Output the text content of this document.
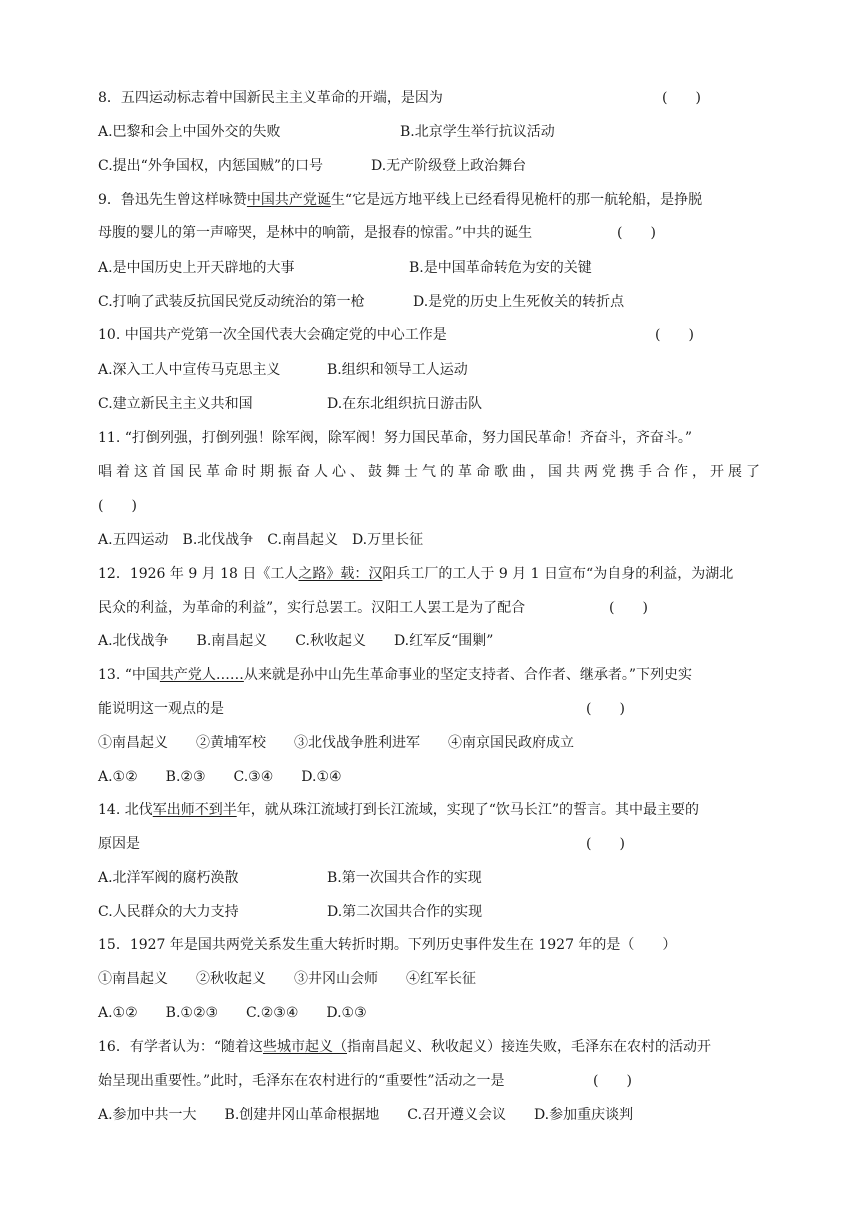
8．五四运动标志着中国新民主主义革命的开端，是因为	(　　)
A.巴黎和会上中国外交的失败	B.北京学生举行抗议活动
C.提出“外争国权，内惩国贼”的口号	D.无产阶级登上政治舞台
9．鲁迅先生曾这样咏赞中国共产党诞生“它是远方地平线上已经看得见桅杆的那一航轮船，是挣脱
母腹的婴儿的第一声啼哭，是林中的响箭，是报春的惊雷。”中共的诞生	(　　)
A.是中国历史上开天辟地的大事	B.是中国革命转危为安的关键
C.打响了武装反抗国民党反动统治的第一枪	D.是党的历史上生死攸关的转折点
10. 中国共产党第一次全国代表大会确定党的中心工作是	(　　)
A.深入工人中宣传马克思主义	B.组织和领导工人运动
C.建立新民主主义共和国	D.在东北组织抗日游击队
11. “打倒列强，打倒列强！除军阀，除军阀！努力国民革命，努力国民革命！齐奋斗，齐奋斗。”
唱 着 这 首 国 民 革 命 时 期 振 奋 人 心 、 鼓 舞 士 气 的 革 命 歌 曲 ， 国 共 两 党 携 手 合 作 ， 开 展 了
(　　)
A.五四运动　B.北伐战争　C.南昌起义　D.万里长征
12．1926 年 9 月 18 日《工人之路》载：汉阳兵工厂的工人于 9 月 1 日宣布“为自身的利益，为湖北
民众的利益，为革命的利益”，实行总罢工。汉阳工人罢工是为了配合	(　　)
A.北伐战争　　B.南昌起义　　C.秋收起义　　D.红军反“围剿”
13. “中国共产党人……从来就是孙中山先生革命事业的坚定支持者、合作者、继承者。”下列史实
能说明这一观点的是	(　　)
①南昌起义　　②黄埔军校　　③北伐战争胜利进军　　④南京国民政府成立
A.①②　　B.②③　　C.③④　　D.①④
14. 北伐军出师不到半年，就从珠江流域打到长江流域，实现了“饮马长江”的誓言。其中最主要的
原因是	(　　)
A.北洋军阀的腐朽涣散	B.第一次国共合作的实现
C.人民群众的大力支持	D.第二次国共合作的实现
15．1927 年是国共两党关系发生重大转折时期。下列历史事件发生在 1927 年的是（　　）
①南昌起义　　②秋收起义　　③井冈山会师　　④红军长征
A.①②　　B.①②③　　C.②③④　　D.①③
16．有学者认为：“随着这些城市起义（指南昌起义、秋收起义）接连失败，毛泽东在农村的活动开
始呈现出重要性。”此时，毛泽东在农村进行的“重要性”活动之一是	(　　)
A.参加中共一大　　B.创建井冈山革命根据地　　C.召开遵义会议　　D.参加重庆谈判
